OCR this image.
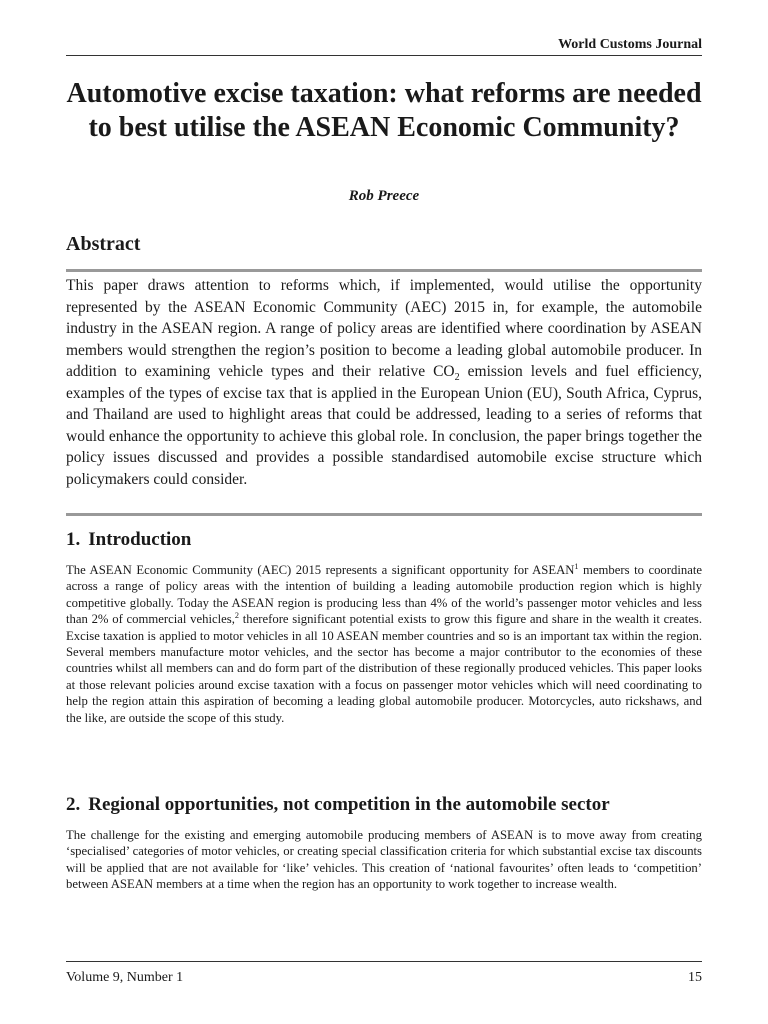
World Customs Journal
Automotive excise taxation: what reforms are needed to best utilise the ASEAN Economic Community?
Rob Preece
Abstract

This paper draws attention to reforms which, if implemented, would utilise the opportunity represented by the ASEAN Economic Community (AEC) 2015 in, for example, the automobile industry in the ASEAN region. A range of policy areas are identified where coordination by ASEAN members would strengthen the region’s position to become a leading global automobile producer. In addition to examining vehicle types and their relative $CO_2$ emission levels and fuel efficiency, examples of the types of excise tax that is applied in the European Union (EU), South Africa, Cyprus, and Thailand are used to highlight areas that could be addressed, leading to a series of reforms that would enhance the opportunity to achieve this global role. In conclusion, the paper brings together the policy issues discussed and provides a possible standardised automobile excise structure which policymakers could consider.

1. Introduction

The ASEAN Economic Community (AEC) 2015 represents a significant opportunity for ASEAN$^1$ members to coordinate across a range of policy areas with the intention of building a leading automobile production region which is highly competitive globally. Today the ASEAN region is producing less than 4% of the world’s passenger motor vehicles and less than 2% of commercial vehicles,$^2$ therefore significant potential exists to grow this figure and share in the wealth it creates. Excise taxation is applied to motor vehicles in all 10 ASEAN member countries and so is an important tax within the region. Several members manufacture motor vehicles, and the sector has become a major contributor to the economies of these countries whilst all members can and do form part of the distribution of these regionally produced vehicles. This paper looks at those relevant policies around excise taxation with a focus on passenger motor vehicles which will need coordinating to help the region attain this aspiration of becoming a leading global automobile producer. Motorcycles, auto rickshaws, and the like, are outside the scope of this study.

2. Regional opportunities, not competition in the automobile sector

The challenge for the existing and emerging automobile producing members of ASEAN is to move away from creating ‘specialised’ categories of motor vehicles, or creating special classification criteria for which substantial excise tax discounts will be applied that are not available for ‘like’ vehicles. This creation of ‘national favourites’ often leads to ‘competition’ between ASEAN members at a time when the region has an opportunity to work together to increase wealth.

Volume 9, Number 1	15
